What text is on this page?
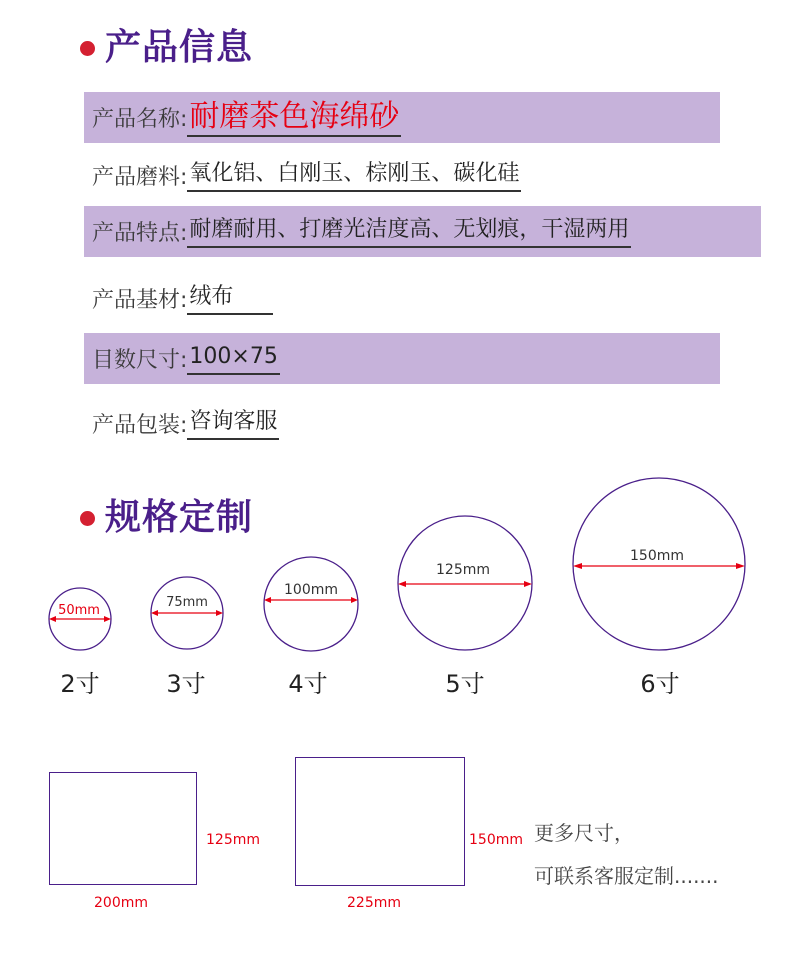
产品信息
产品名称: 耐磨茶色海绵砂
产品磨料: 氧化铝、白刚玉、棕刚玉、碳化硅
产品特点: 耐磨耐用、打磨光洁度高、无划痕，干湿两用
产品基材: 绒布
目数尺寸: 100×75
产品包装: 咨询客服
规格定制
50mm
75mm
100mm
125mm
150mm
2寸	3寸	4寸	5寸	6寸
125mm
200mm
150mm
225mm
更多尺寸，
可联系客服定制.......
